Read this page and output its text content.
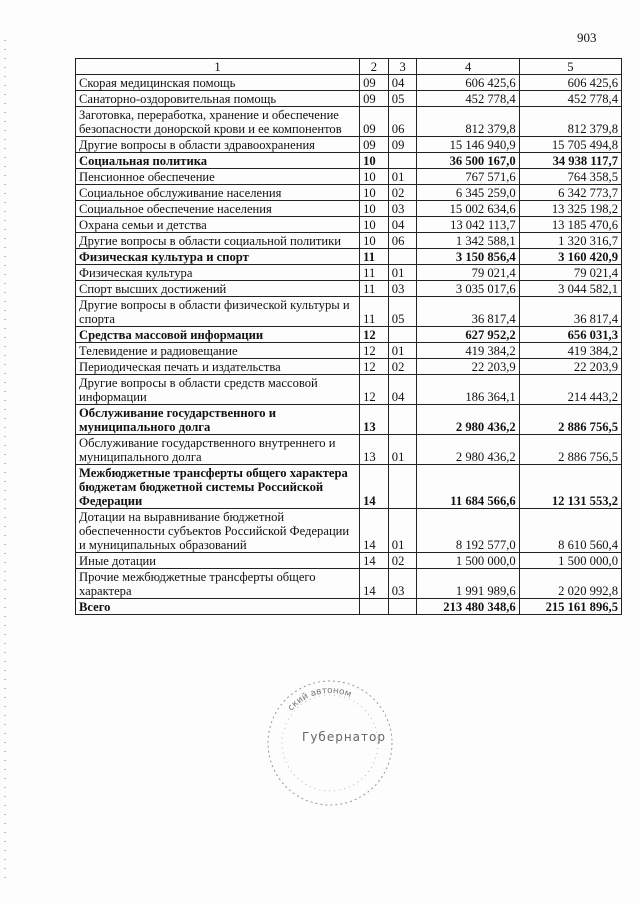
903
1	2	3	4	5
Скорая медицинская помощь	09	04	606 425,6	606 425,6
Санаторно-оздоровительная помощь	09	05	452 778,4	452 778,4
Заготовка, переработка, хранение и обеспечение безопасности донорской крови и ее компонентов	09	06	812 379,8	812 379,8
Другие вопросы в области здравоохранения	09	09	15 146 940,9	15 705 494,8
Социальная политика	10		36 500 167,0	34 938 117,7
Пенсионное обеспечение	10	01	767 571,6	764 358,5
Социальное обслуживание населения	10	02	6 345 259,0	6 342 773,7
Социальное обеспечение населения	10	03	15 002 634,6	13 325 198,2
Охрана семьи и детства	10	04	13 042 113,7	13 185 470,6
Другие вопросы в области социальной политики	10	06	1 342 588,1	1 320 316,7
Физическая культура и спорт	11		3 150 856,4	3 160 420,9
Физическая культура	11	01	79 021,4	79 021,4
Спорт высших достижений	11	03	3 035 017,6	3 044 582,1
Другие вопросы в области физической культуры и спорта	11	05	36 817,4	36 817,4
Средства массовой информации	12		627 952,2	656 031,3
Телевидение и радиовещание	12	01	419 384,2	419 384,2
Периодическая печать и издательства	12	02	22 203,9	22 203,9
Другие вопросы в области средств массовой информации	12	04	186 364,1	214 443,2
Обслуживание государственного и муниципального долга	13		2 980 436,2	2 886 756,5
Обслуживание государственного внутреннего и муниципального долга	13	01	2 980 436,2	2 886 756,5
Межбюджетные трансферты общего характера бюджетам бюджетной системы Российской Федерации	14		11 684 566,6	12 131 553,2
Дотации на выравнивание бюджетной обеспеченности субъектов Российской Федерации и муниципальных образований	14	01	8 192 577,0	8 610 560,4
Иные дотации	14	02	1 500 000,0	1 500 000,0
Прочие межбюджетные трансферты общего характера	14	03	1 991 989,6	2 020 992,8
Всего			213 480 348,6	215 161 896,5
ский автоном
Губернатор
